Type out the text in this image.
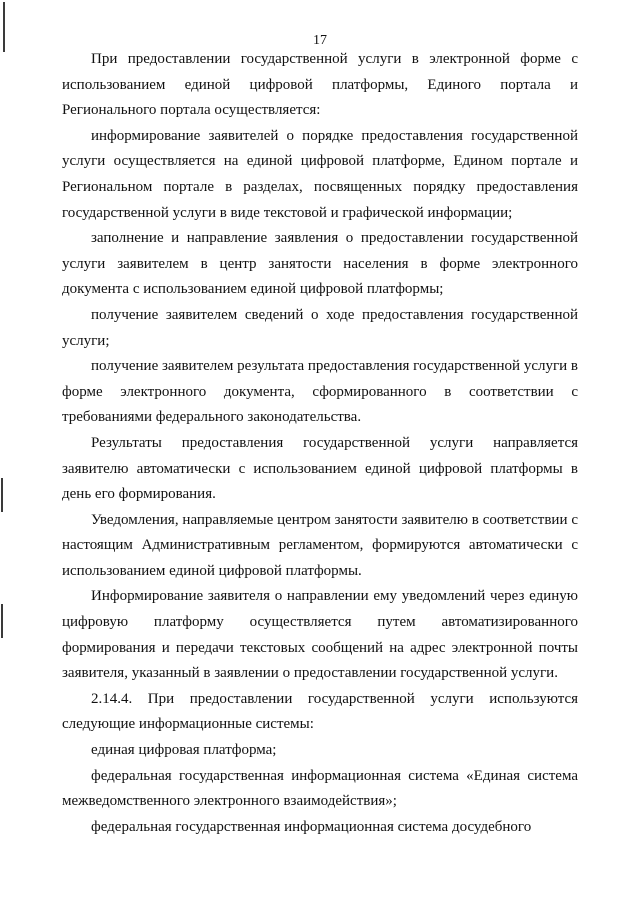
17

При предоставлении государственной услуги в электронной форме с использованием единой цифровой платформы, Единого портала и Регионального портала осуществляется:

информирование заявителей о порядке предоставления государственной услуги осуществляется на единой цифровой платформе, Едином портале и Региональном портале в разделах, посвященных порядку предоставления государственной услуги в виде текстовой и графической информации;

заполнение и направление заявления о предоставлении государственной услуги заявителем в центр занятости населения в форме электронного документа с использованием единой цифровой платформы;

получение заявителем сведений о ходе предоставления государственной услуги;

получение заявителем результата предоставления государственной услуги в форме электронного документа, сформированного в соответствии с требованиями федерального законодательства.

Результаты предоставления государственной услуги направляется заявителю автоматически с использованием единой цифровой платформы в день его формирования.

Уведомления, направляемые центром занятости заявителю в соответствии с настоящим Административным регламентом, формируются автоматически с использованием единой цифровой платформы.

Информирование заявителя о направлении ему уведомлений через единую цифровую платформу осуществляется путем автоматизированного формирования и передачи текстовых сообщений на адрес электронной почты заявителя, указанный в заявлении о предоставлении государственной услуги.

2.14.4. При предоставлении государственной услуги используются следующие информационные системы:

единая цифровая платформа;

федеральная государственная информационная система «Единая система межведомственного электронного взаимодействия»;

федеральная государственная информационная система досудебного
